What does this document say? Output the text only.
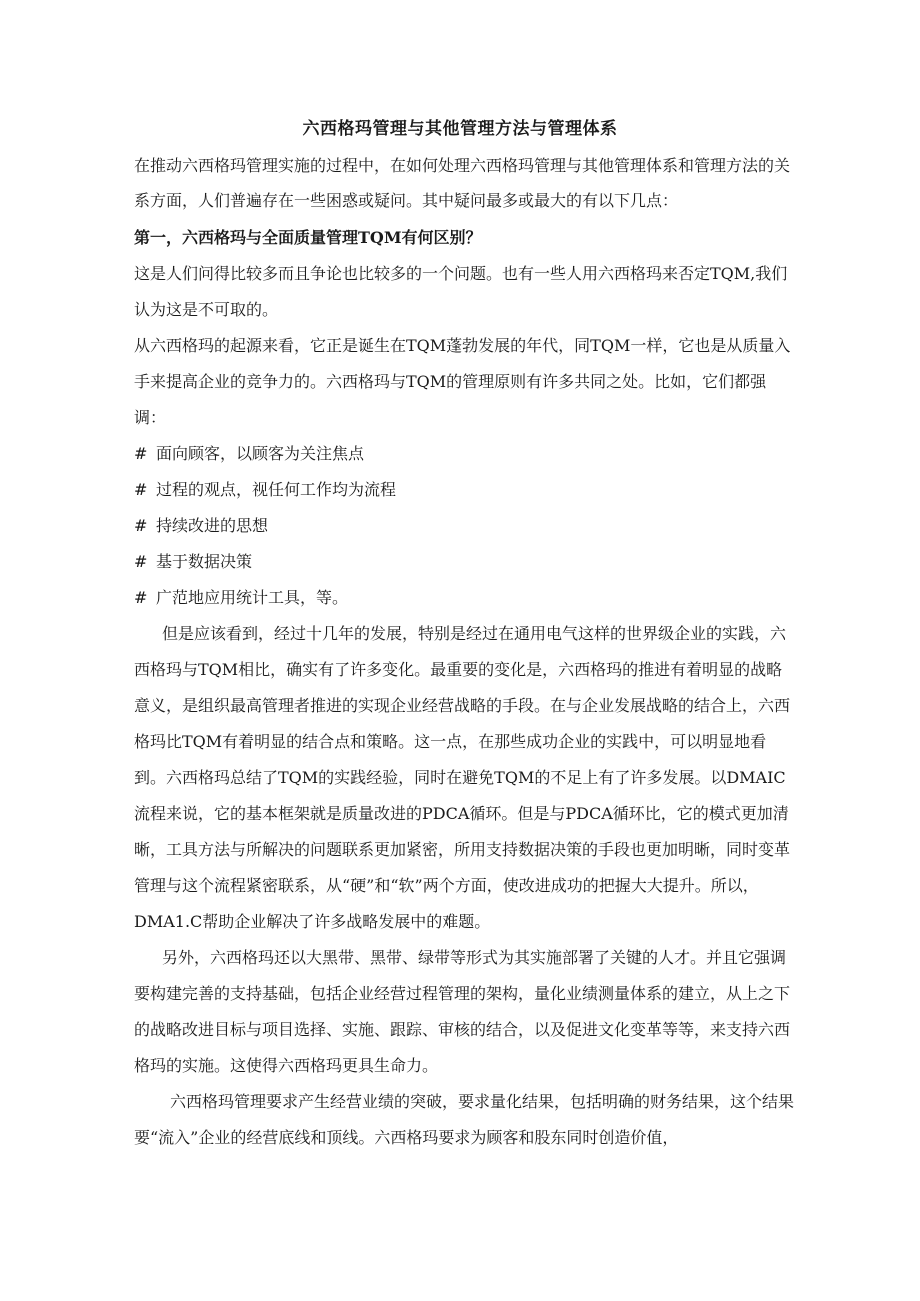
六西格玛管理与其他管理方法与管理体系

在推动六西格玛管理实施的过程中，在如何处理六西格玛管理与其他管理体系和管理方法的关系方面，人们普遍存在一些困惑或疑问。其中疑问最多或最大的有以下几点：

第一，六西格玛与全面质量管理TQM有何区别？

这是人们问得比较多而且争论也比较多的一个问题。也有一些人用六西格玛来否定TQM,我们认为这是不可取的。

从六西格玛的起源来看，它正是诞生在TQM蓬勃发展的年代，同TQM一样，它也是从质量入手来提高企业的竞争力的。六西格玛与TQM的管理原则有许多共同之处。比如，它们都强调：

# 面向顾客，以顾客为关注焦点
# 过程的观点，视任何工作均为流程
# 持续改进的思想
# 基于数据决策
# 广范地应用统计工具，等。

但是应该看到，经过十几年的发展，特别是经过在通用电气这样的世界级企业的实践，六西格玛与TQM相比，确实有了许多变化。最重要的变化是，六西格玛的推进有着明显的战略意义，是组织最高管理者推进的实现企业经营战略的手段。在与企业发展战略的结合上，六西格玛比TQM有着明显的结合点和策略。这一点，在那些成功企业的实践中，可以明显地看到。六西格玛总结了TQM的实践经验，同时在避免TQM的不足上有了许多发展。以DMAIC流程来说，它的基本框架就是质量改进的PDCA循环。但是与PDCA循环比，它的模式更加清晰，工具方法与所解决的问题联系更加紧密，所用支持数据决策的手段也更加明晰，同时变革管理与这个流程紧密联系，从“硬”和“软”两个方面，使改进成功的把握大大提升。所以，DMA1.C帮助企业解决了许多战略发展中的难题。

另外，六西格玛还以大黑带、黑带、绿带等形式为其实施部署了关键的人才。并且它强调要构建完善的支持基础，包括企业经营过程管理的架构，量化业绩测量体系的建立，从上之下的战略改进目标与项目选择、实施、跟踪、审核的结合，以及促进文化变革等等，来支持六西格玛的实施。这使得六西格玛更具生命力。

六西格玛管理要求产生经营业绩的突破，要求量化结果，包括明确的财务结果，这个结果要“流入”企业的经营底线和顶线。六西格玛要求为顾客和股东同时创造价值，
